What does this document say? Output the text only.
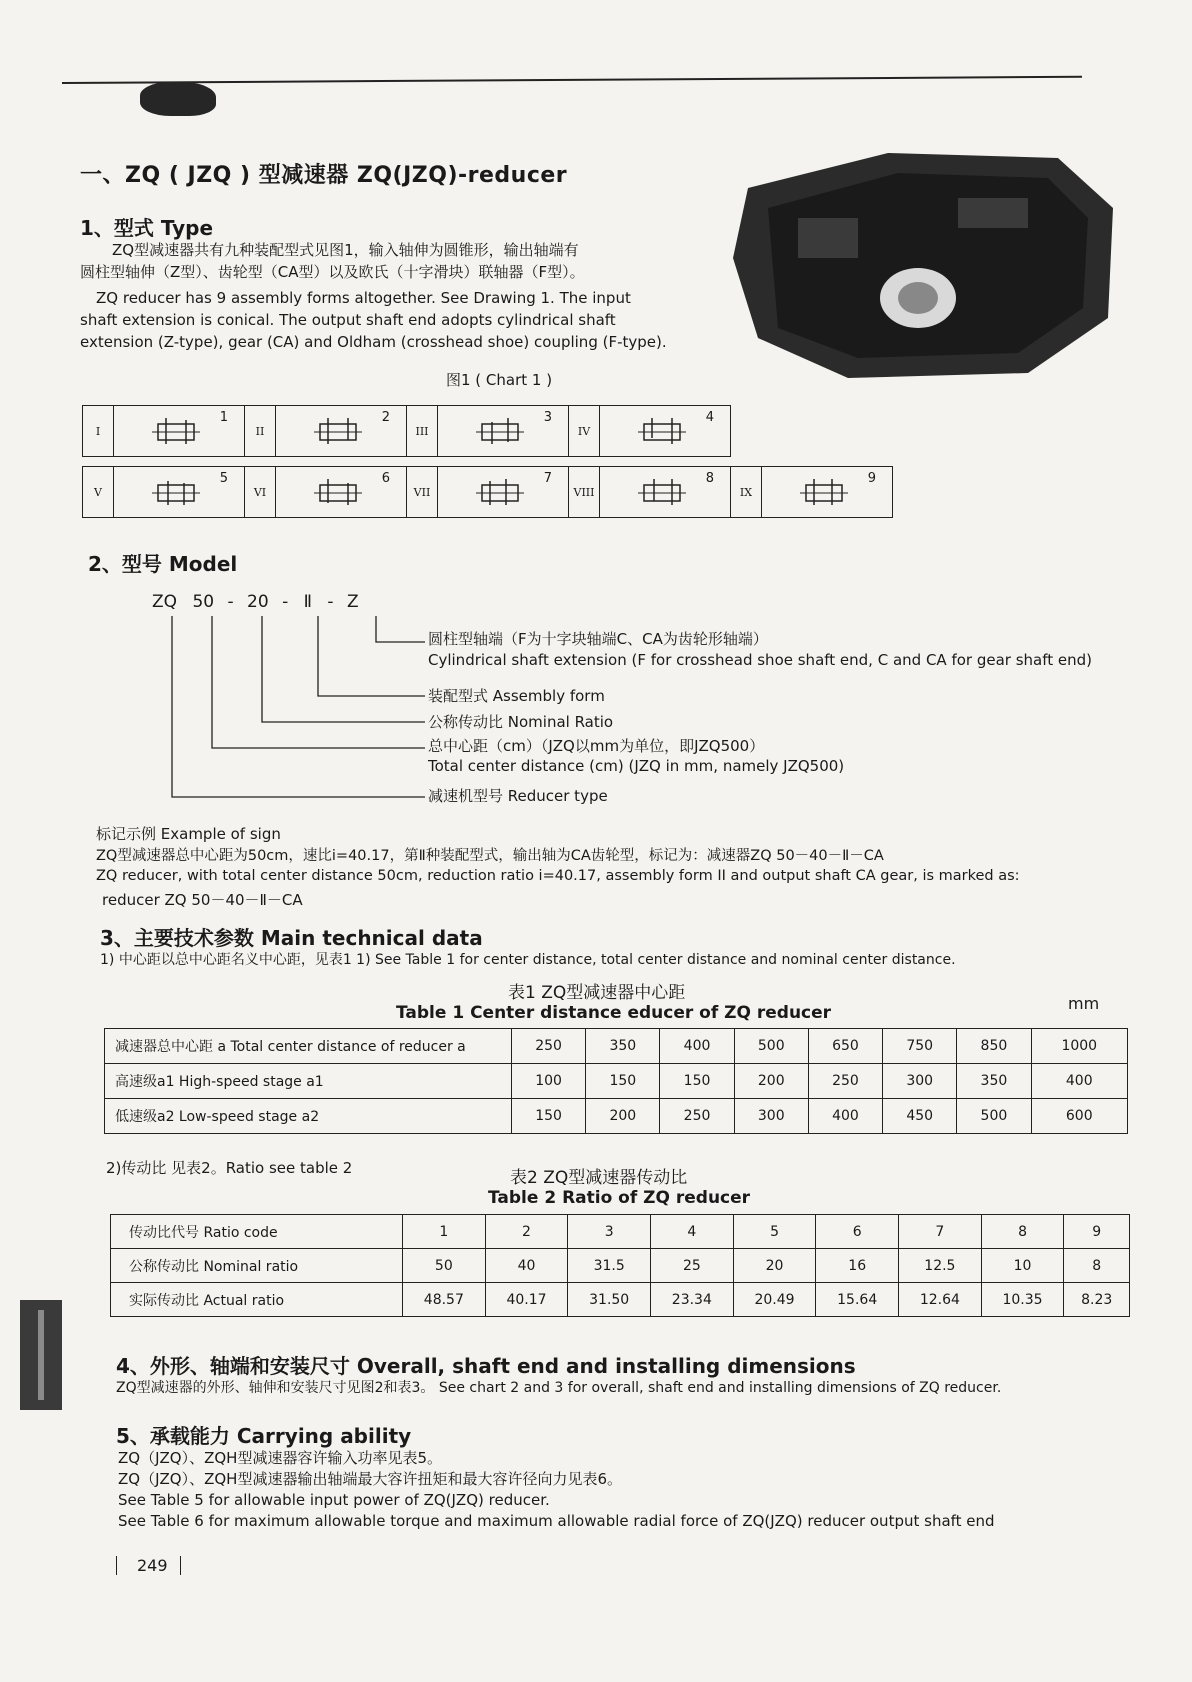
一、ZQ ( JZQ ) 型减速器 ZQ(JZQ)-reducer
1、型式 Type
ZQ型减速器共有九种装配型式见图1，输入轴伸为圆锥形，输出轴端有
圆柱型轴伸（Z型）、齿轮型（CA型）以及欧氏（十字滑块）联轴器（F型）。
ZQ reducer has 9 assembly forms altogether. See Drawing 1. The input
shaft extension is conical. The output shaft end adopts cylindrical shaft
extension (Z-type), gear (CA) and Oldham (crosshead shoe) coupling (F-type).
图1 ( Chart 1 )
I	
1
	II	
2
	III	
3
	IV	
4
V	
5
	VI	
6
	VII	
7
	VIII	
8
	IX	
9
2、型号 Model
ZQ 50 - 20 - Ⅱ - Z
圆柱型轴端（F为十字块轴端C、CA为齿轮形轴端）
Cylindrical shaft extension (F for crosshead shoe shaft end, C and CA for gear shaft end)
装配型式 Assembly form
公称传动比 Nominal Ratio
总中心距（cm）（JZQ以mm为单位，即JZQ500）
Total center distance (cm) (JZQ in mm, namely JZQ500)
减速机型号 Reducer type
标记示例 Example of sign
ZQ型减速器总中心距为50cm，速比i=40.17，第Ⅱ种装配型式，输出轴为CA齿轮型，标记为：减速器ZQ 50－40－Ⅱ－CA
ZQ reducer, with total center distance 50cm, reduction ratio i=40.17, assembly form II and output shaft CA gear, is marked as:
reducer ZQ 50－40－Ⅱ－CA
3、主要技术参数 Main technical data
1) 中心距以总中心距名义中心距，见表1 1) See Table 1 for center distance, total center distance and nominal center distance.
表1 ZQ型减速器中心距
Table 1 Center distance educer of ZQ reducer	mm
减速器总中心距 a Total center distance of reducer a	250	350	400	500	650	750	850	1000
高速级a1 High-speed stage a1	100	150	150	200	250	300	350	400
低速级a2 Low-speed stage a2	150	200	250	300	400	450	500	600
2)传动比 见表2。Ratio see table 2	表2 ZQ型减速器传动比
Table 2 Ratio of ZQ reducer
传动比代号 Ratio code	1	2	3	4	5	6	7	8	9
公称传动比 Nominal ratio	50	40	31.5	25	20	16	12.5	10	8
实际传动比 Actual ratio	48.57	40.17	31.50	23.34	20.49	15.64	12.64	10.35	8.23
4、外形、轴端和安装尺寸 Overall, shaft end and installing dimensions
ZQ型减速器的外形、轴伸和安装尺寸见图2和表3。 See chart 2 and 3 for overall, shaft end and installing dimensions of ZQ reducer.
5、承载能力 Carrying ability
ZQ（JZQ）、ZQH型减速器容许输入功率见表5。
ZQ（JZQ）、ZQH型减速器输出轴端最大容许扭矩和最大容许径向力见表6。
See Table 5 for allowable input power of ZQ(JZQ) reducer.
See Table 6 for maximum allowable torque and maximum allowable radial force of ZQ(JZQ) reducer output shaft end
249
